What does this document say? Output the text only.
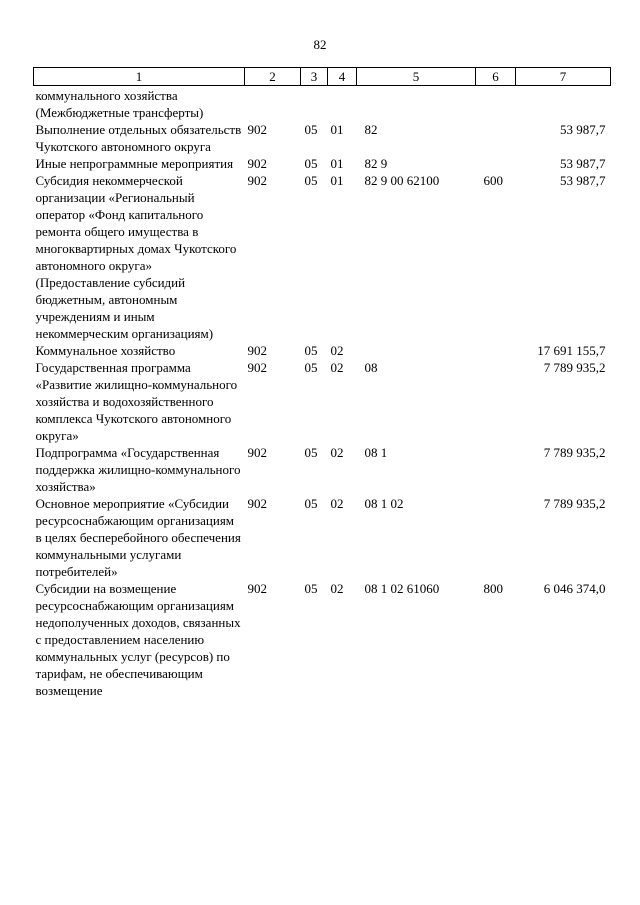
82
1	2	3	4	5	6	7
коммунального хозяйства (Межбюджетные трансферты)						
Выполнение отдельных обязательств Чукотского автономного округа	902	05	01	82		53 987,7
Иные непрограммные мероприятия	902	05	01	82 9		53 987,7
Субсидия некоммерческой организации «Региональный оператор «Фонд капитального ремонта общего имущества в многоквартирных домах Чукотского автономного округа» (Предоставление субсидий бюджетным, автономным учреждениям и иным некоммерческим организациям)	902	05	01	82 9 00 62100	600	53 987,7
Коммунальное хозяйство	902	05	02			17 691 155,7
Государственная программа «Развитие жилищно-коммунального хозяйства и водохозяйственного комплекса Чукотского автономного округа»	902	05	02	08		7 789 935,2
Подпрограмма «Государственная поддержка жилищно-коммунального хозяйства»	902	05	02	08 1		7 789 935,2
Основное мероприятие «Субсидии ресурсоснабжающим организациям в целях бесперебойного обеспечения коммунальными услугами потребителей»	902	05	02	08 1 02		7 789 935,2
Субсидии на возмещение ресурсоснабжающим организациям недополученных доходов, связанных с предоставлением населению коммунальных услуг (ресурсов) по тарифам, не обеспечивающим возмещение	902	05	02	08 1 02 61060	800	6 046 374,0
